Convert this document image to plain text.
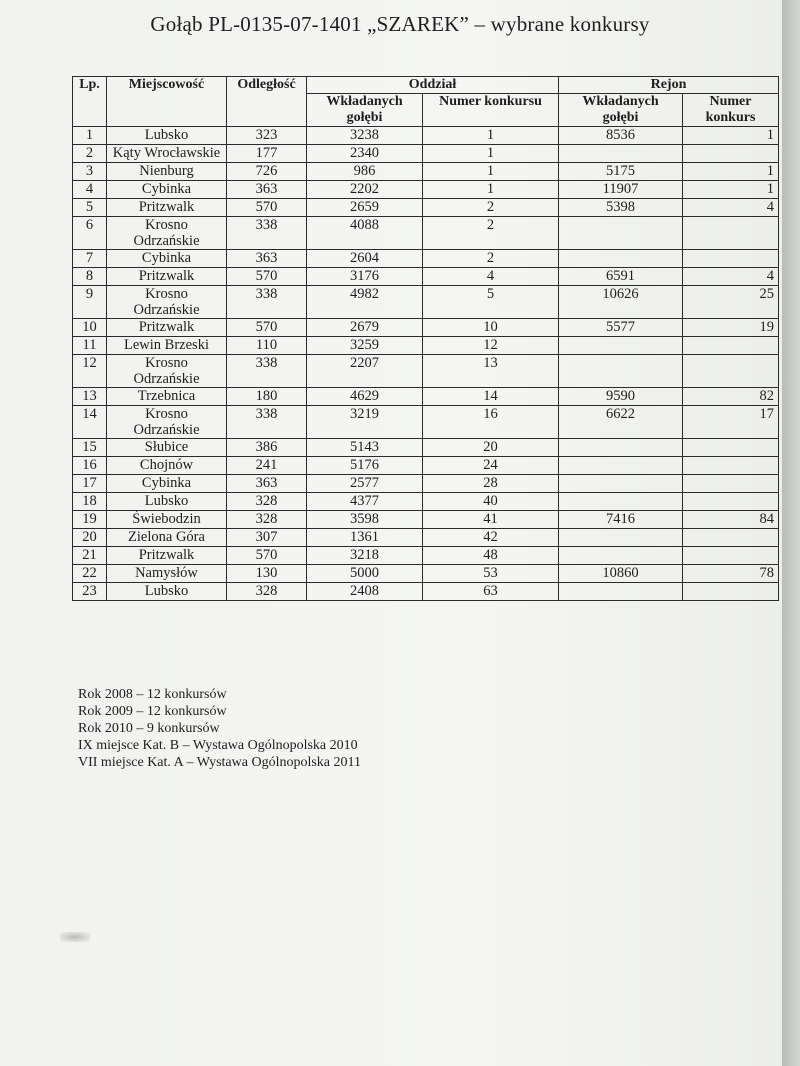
Gołąb PL-0135-07-1401 „SZAREK” – wybrane konkursy
Lp.	Miejscowość	Odległość	Oddział		Rejon	
			Wkładanych gołębi	Numer konkursu	Wkładanych gołębi	Numer konkurs
1	Lubsko	323	3238	1	8536	1
2	Kąty Wrocławskie	177	2340	1		
3	Nienburg	726	986	1	5175	1
4	Cybinka	363	2202	1	11907	1
5	Pritzwalk	570	2659	2	5398	4
6	Krosno Odrzańskie	338	4088	2		
7	Cybinka	363	2604	2		
8	Pritzwalk	570	3176	4	6591	4
9	Krosno Odrzańskie	338	4982	5	10626	25
10	Pritzwalk	570	2679	10	5577	19
11	Lewin Brzeski	110	3259	12		
12	Krosno Odrzańskie	338	2207	13		
13	Trzebnica	180	4629	14	9590	82
14	Krosno Odrzańskie	338	3219	16	6622	17
15	Słubice	386	5143	20		
16	Chojnów	241	5176	24		
17	Cybinka	363	2577	28		
18	Lubsko	328	4377	40		
19	Świebodzin	328	3598	41	7416	84
20	Zielona Góra	307	1361	42		
21	Pritzwalk	570	3218	48		
22	Namysłów	130	5000	53	10860	78
23	Lubsko	328	2408	63		
Rok 2008 – 12 konkursów
Rok 2009 – 12 konkursów
Rok 2010 – 9 konkursów
IX miejsce Kat. B – Wystawa Ogólnopolska 2010
VII miejsce Kat. A – Wystawa Ogólnopolska 2011
